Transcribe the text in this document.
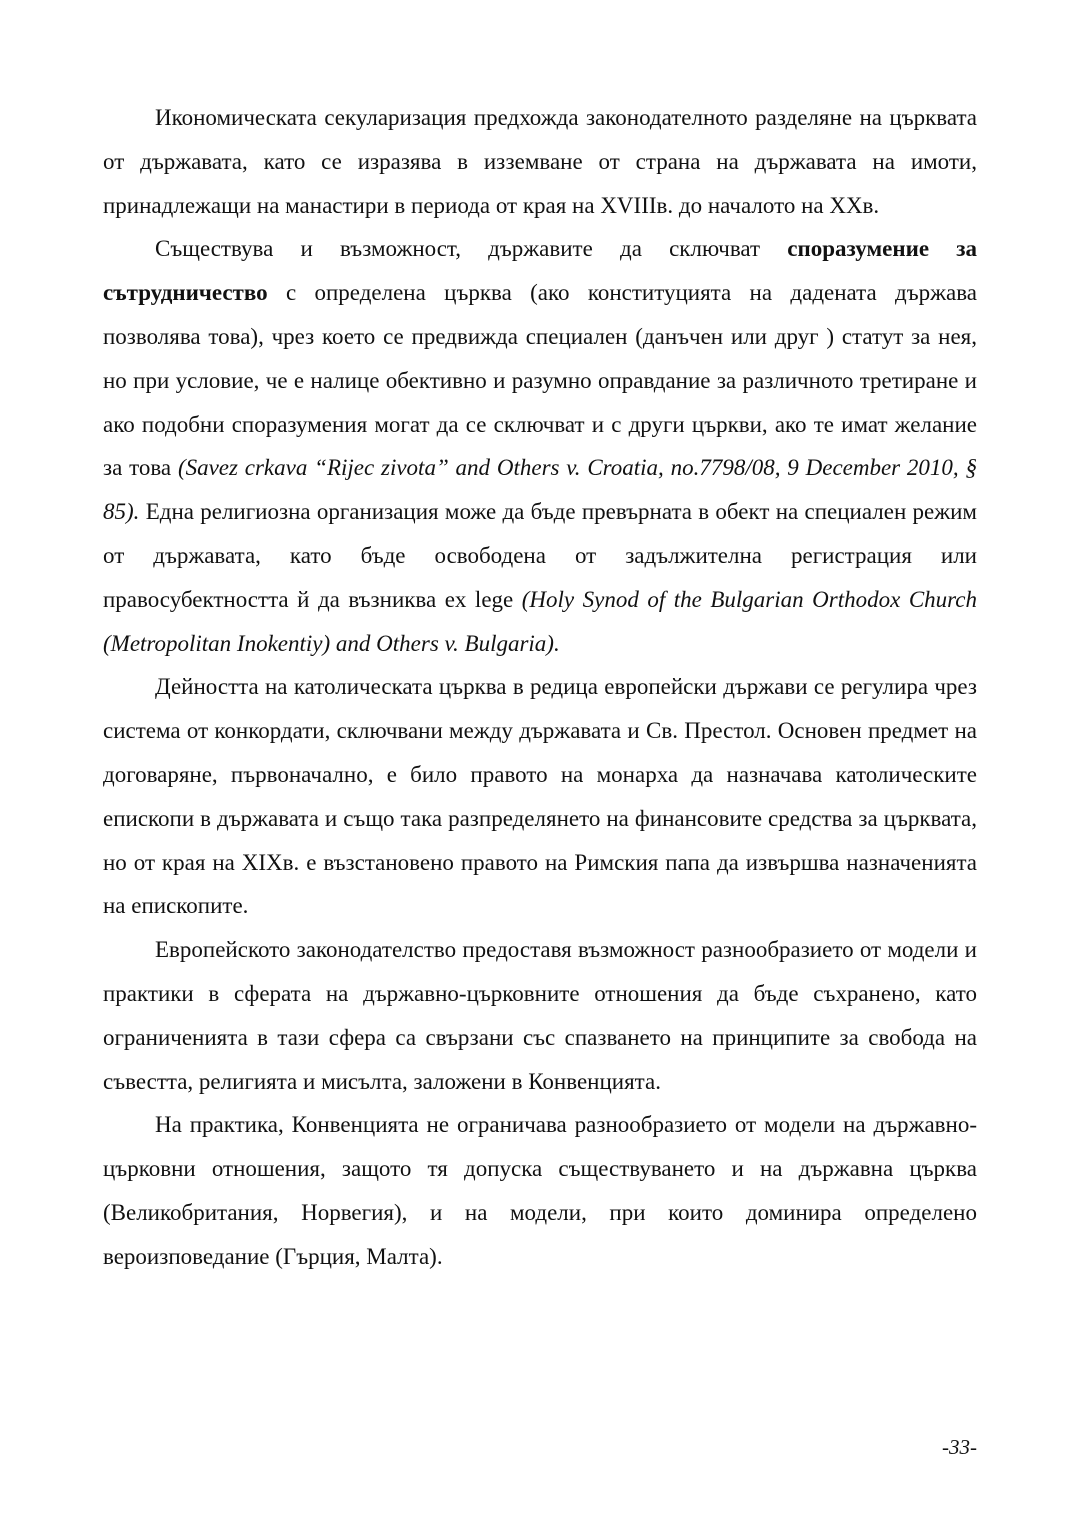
Икономическата секуларизация предхожда законодателното разделяне на църквата от държавата, като се изразява в изземване от страна на държавата на имоти, принадлежащи на манастири в периода от края на XVIIIв. до началото на XXв.

Съществува и възможност, държавите да сключват споразумение за сътрудничество с определена църква (ако конституцията на дадената държава позволява това), чрез което се предвижда специален (данъчен или друг ) статут за нея, но при условие, че е налице обективно и разумно оправдание за различното третиране и ако подобни споразумения могат да се сключват и с други църкви, ако те имат желание за това (Savez crkava “Rijec zivota” and Others v. Croatia, no.7798/08, 9 December 2010, § 85). Една религиозна организация може да бъде превърната в обект на специален режим от държавата, като бъде освободена от задължителна регистрация или правосубектността й да възниква ex lege (Holy Synod of the Bulgarian Orthodox Church (Metropolitan Inokentiy) and Others v. Bulgaria).

Дейността на католическата църква в редица европейски държави се регулира чрез система от конкордати, сключвани между държавата и Св. Престол. Основен предмет на договаряне, първоначално, е било правото на монарха да назначава католическите епископи в държавата и също така разпределянето на финансовите средства за църквата, но от края на XIXв. е възстановено правото на Римския папа да извършва назначенията на епископите.

Европейското законодателство предоставя възможност разнообразието от модели и практики в сферата на държавно-църковните отношения да бъде съхранено, като ограниченията в тази сфера са свързани със спазването на принципите за свобода на съвестта, религията и мисълта, заложени в Конвенцията.

На практика, Конвенцията не ограничава разнообразието от модели на държавно-църковни отношения, защото тя допуска съществуването и на държавна църква (Великобритания, Норвегия), и на модели, при които доминира определено вероизповедание (Гърция, Малта).

-33-
